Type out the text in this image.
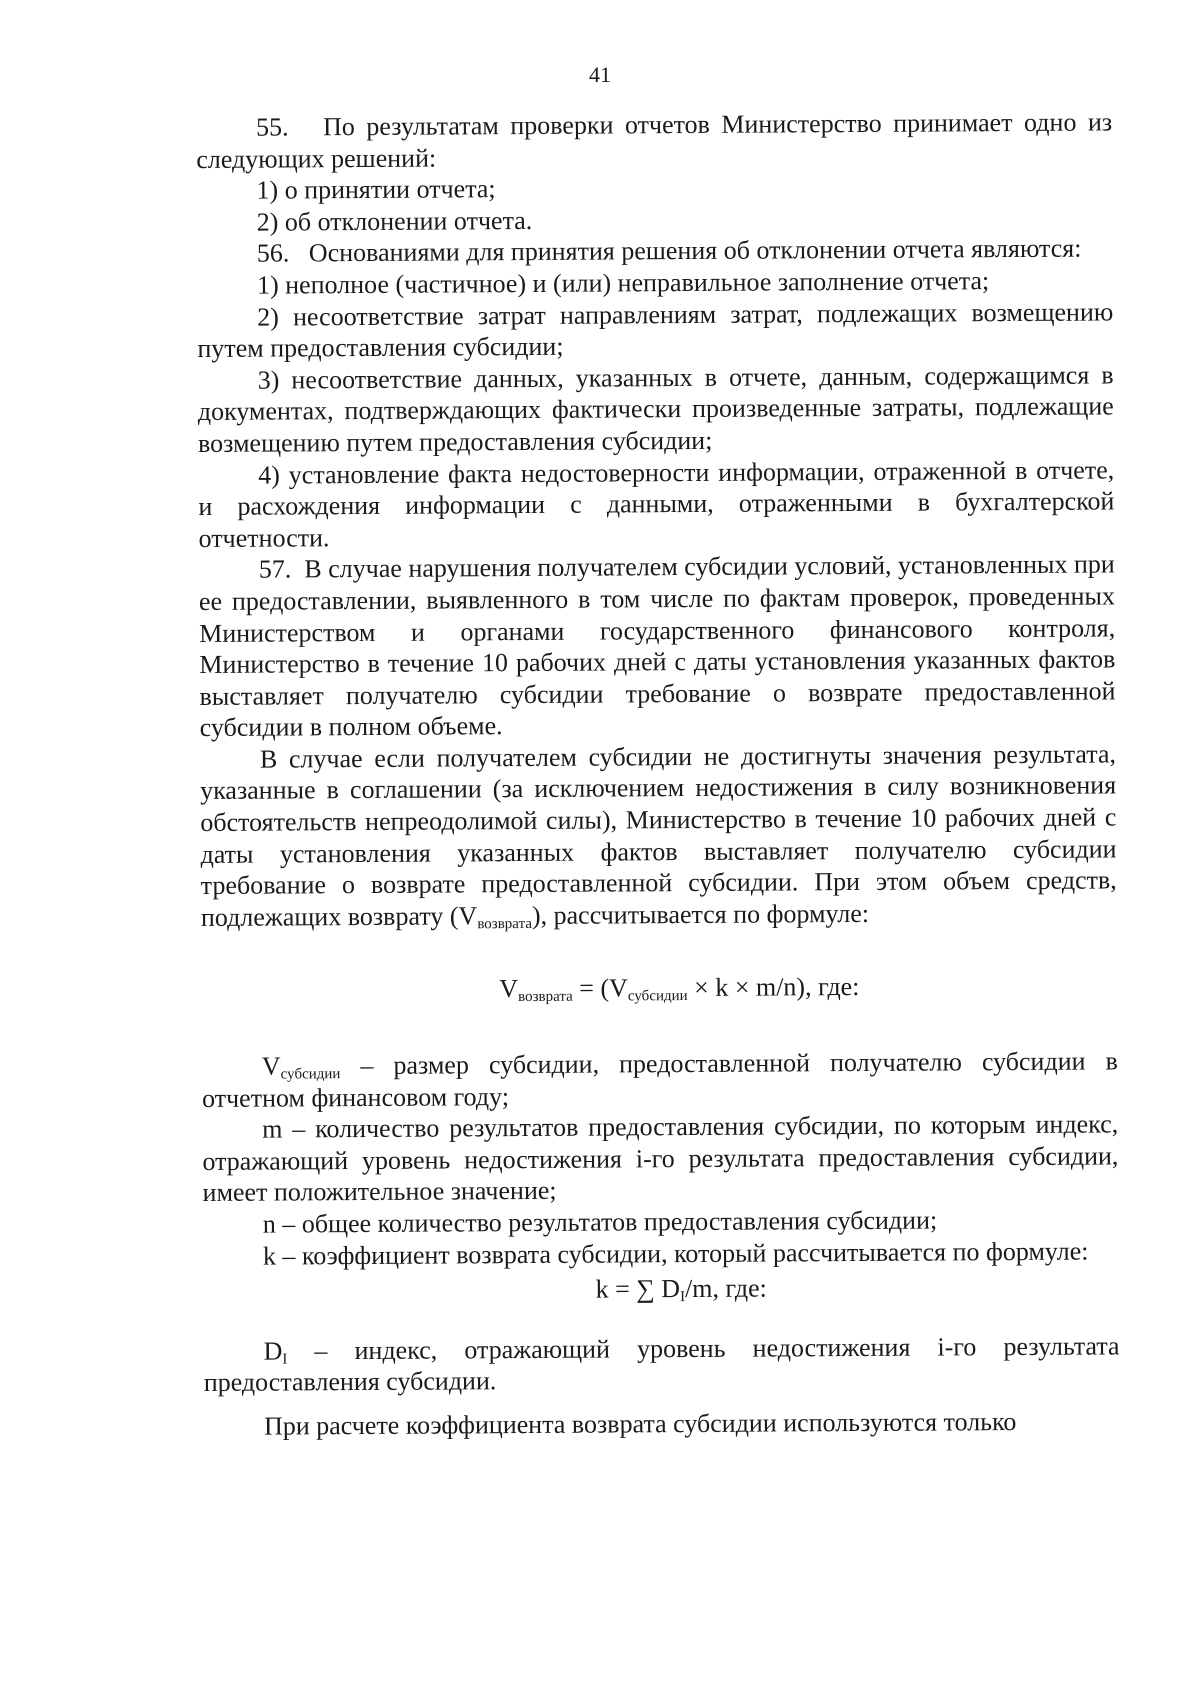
41

55.   По результатам проверки отчетов Министерство принимает одно из следующих решений:

1) о принятии отчета;

2) об отклонении отчета.

56.   Основаниями для принятия решения об отклонении отчета являются:

1) неполное (частичное) и (или) неправильное заполнение отчета;

2) несоответствие затрат направлениям затрат, подлежащих возмещению путем предоставления субсидии;

3) несоответствие данных, указанных в отчете, данным, содержащимся в документах, подтверждающих фактически произведенные затраты, подлежащие возмещению путем предоставления субсидии;

4) установление факта недостоверности информации, отраженной в отчете, и расхождения информации с данными, отраженными в бухгалтерской отчетности.

57.  В случае нарушения получателем субсидии условий, установленных при ее предоставлении, выявленного в том числе по фактам проверок, проведенных Министерством и органами государственного финансового контроля, Министерство в течение 10 рабочих дней с даты установления указанных фактов выставляет получателю субсидии требование о возврате предоставленной субсидии в полном объеме.

В случае если получателем субсидии не достигнуты значения результата, указанные в соглашении (за исключением недостижения в силу возникновения обстоятельств непреодолимой силы), Министерство в течение 10 рабочих дней с даты установления указанных фактов выставляет получателю субсидии требование о возврате предоставленной субсидии. При этом объем средств, подлежащих возврату $(V_{возврата})$, рассчитывается по формуле:

$V_{возврата} = (V_{субсидии} \times k \times m/n)$, где:

$V_{субсидии}$ – размер субсидии, предоставленной получателю субсидии в отчетном финансовом году;

m – количество результатов предоставления субсидии, по которым индекс, отражающий уровень недостижения i-го результата предоставления субсидии, имеет положительное значение;

n – общее количество результатов предоставления субсидии;

k – коэффициент возврата субсидии, который рассчитывается по формуле:

k = ∑ $D_I/m$, где:

$D_I$ – индекс, отражающий уровень недостижения i-го результата предоставления субсидии.

При расчете коэффициента возврата субсидии используются только
